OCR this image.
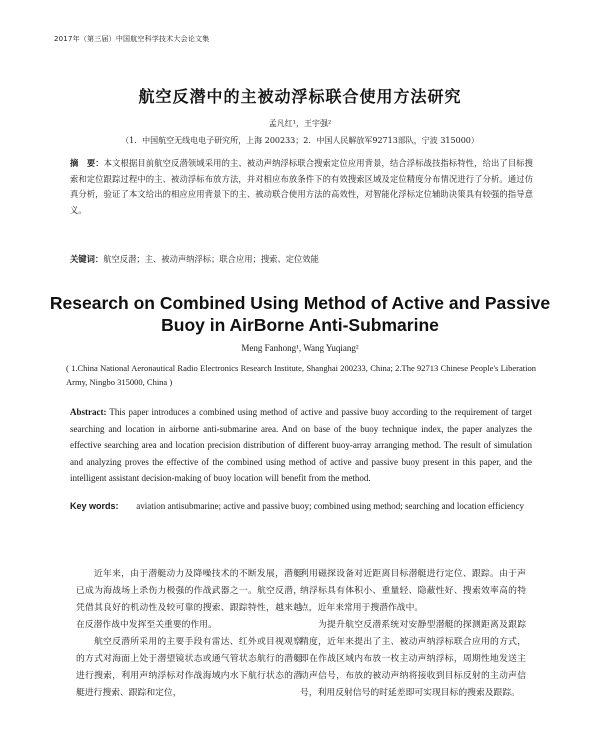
2017年（第三届）中国航空科学技术大会论文集
航空反潜中的主被动浮标联合使用方法研究
孟凡红¹，王宇强²
（1．中国航空无线电电子研究所，上海 200233；2．中国人民解放军92713部队，宁波 315000）
摘　要：本文根据目前航空反潜领域采用的主、被动声纳浮标联合搜索定位应用背景，结合浮标战技指标特性，给出了目标搜索和定位跟踪过程中的主、被动浮标布放方法，并对相应布放条件下的有效搜索区域及定位精度分布情况进行了分析。通过仿真分析，验证了本文给出的相应应用背景下的主、被动联合使用方法的高效性，对智能化浮标定位辅助决策具有较强的指导意义。
关键词：航空反潜；主、被动声纳浮标；联合应用；搜索、定位效能
Research on Combined Using Method of Active and Passive Buoy in AirBorne Anti-Submarine
Meng Fanhong¹, Wang Yuqiang²
( 1.China National Aeronautical Radio Electronics Research Institute, Shanghai 200233, China; 2.The 92713 Chinese People's Liberation Army, Ningbo 315000, China )
Abstract: This paper introduces a combined using method of active and passive buoy according to the requirement of target searching and location in airborne anti-submarine area. And on base of the buoy technique index, the paper analyzes the effective searching area and location precision distribution of different buoy-array arranging method. The result of simulation and analyzing proves the effective of the combined using method of active and passive buoy present in this paper, and the intelligent assistant decision-making of buoy location will benefit from the method.
Key words: aviation antisubmarine; active and passive buoy; combined using method; searching and location efficiency

近年来，由于潜艇动力及降噪技术的不断发展，潜艇已成为海战场上杀伤力极强的作战武器之一。航空反潜，凭借其良好的机动性及较可靠的搜索、跟踪特性，越来越在反潜作战中发挥至关重要的作用。

航空反潜所采用的主要手段有雷达、红外或目视观察的方式对海面上处于潜望镜状态或通气管状态航行的潜艇进行搜索，利用声纳浮标对作战海域内水下航行状态的潜艇进行搜索、跟踪和定位，

利用磁探设备对近距离目标潜艇进行定位、跟踪。由于声纳浮标具有体积小、重量轻、隐蔽性好、搜索效率高的特点，近年来常用于搜潜作战中。

为提升航空反潜系统对安静型潜艇的探测距离及跟踪精度，近年来提出了主、被动声纳浮标联合应用的方式，即在作战区域内布放一枚主动声纳浮标，周期性地发送主动声信号，布放的被动声纳将接收到目标反射的主动声信号，利用反射信号的时延差即可实现目标的搜索及跟踪。
